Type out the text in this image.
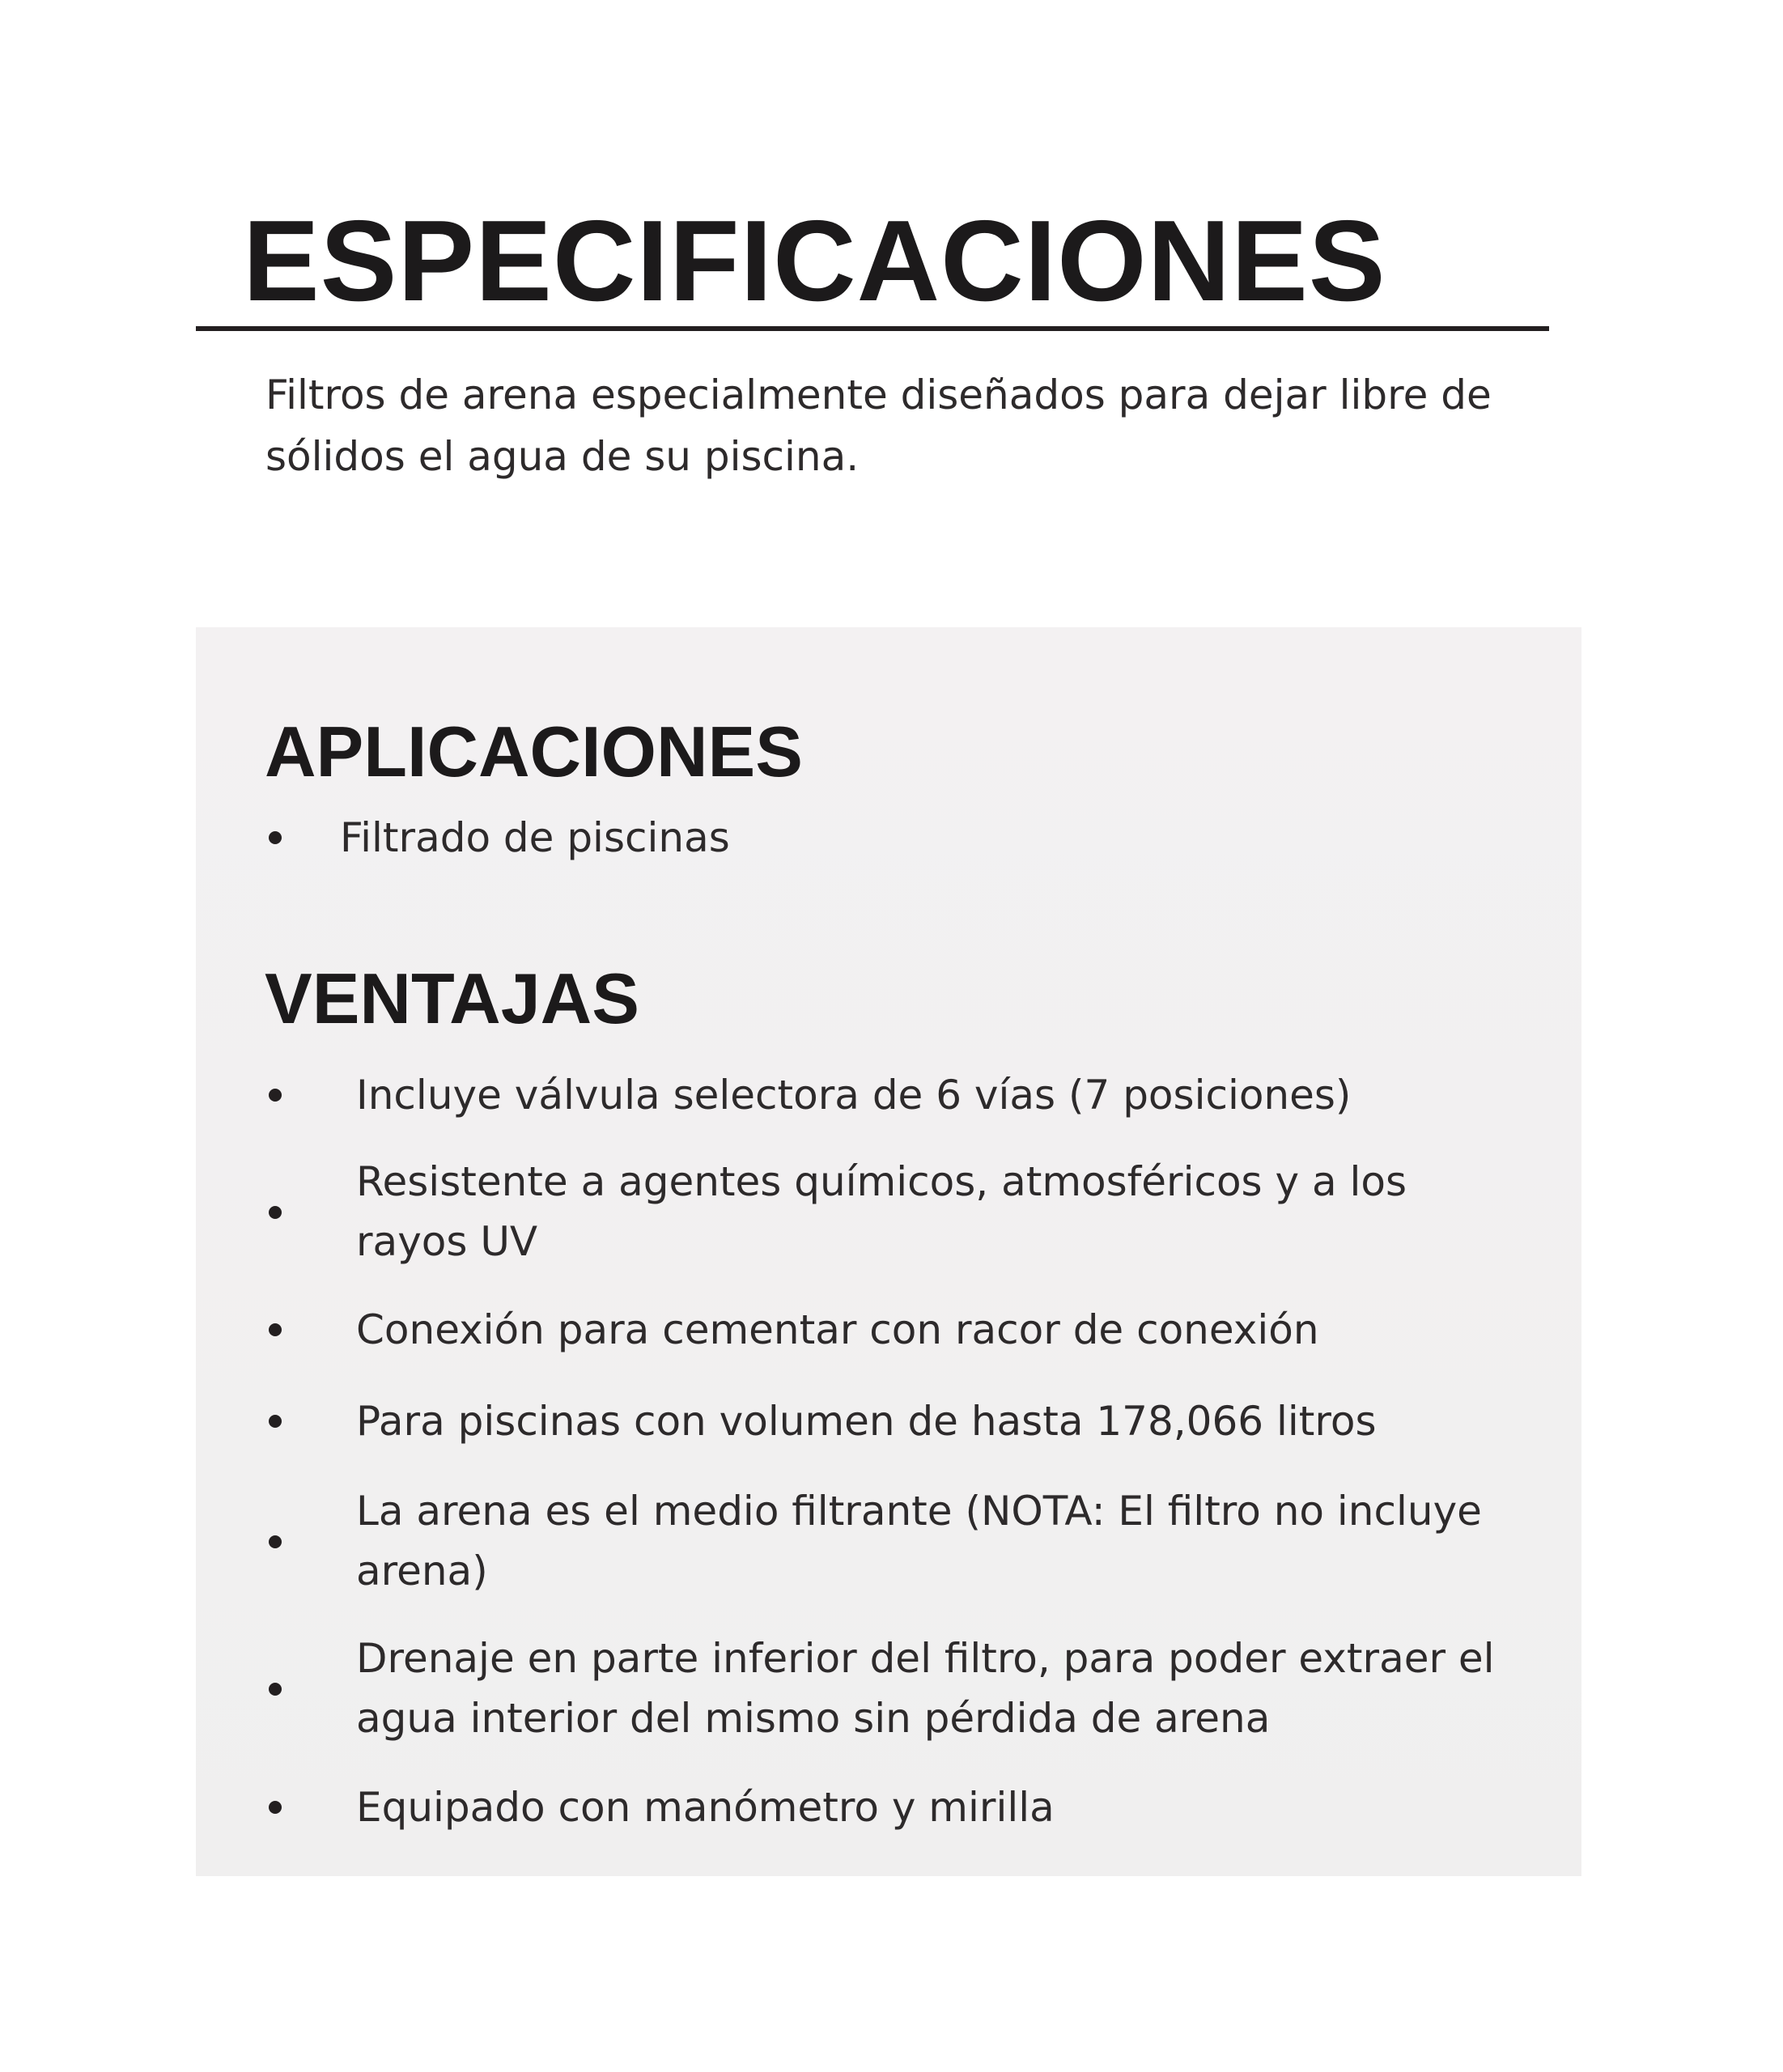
ESPECIFICACIONES

Filtros de arena especialmente diseñados para dejar libre de sólidos el agua de su piscina.

APLICACIONES
Filtrado de piscinas
VENTAJAS
Incluye válvula selectora de 6 vías (7 posiciones)
Resistente a agentes químicos, atmosféricos y a los rayos UV
Conexión para cementar con racor de conexión
Para piscinas con volumen de hasta 178,066 litros
La arena es el medio filtrante (NOTA: El filtro no incluye arena)
Drenaje en parte inferior del filtro, para poder extraer el agua interior del mismo sin pérdida de arena
Equipado con manómetro y mirilla
